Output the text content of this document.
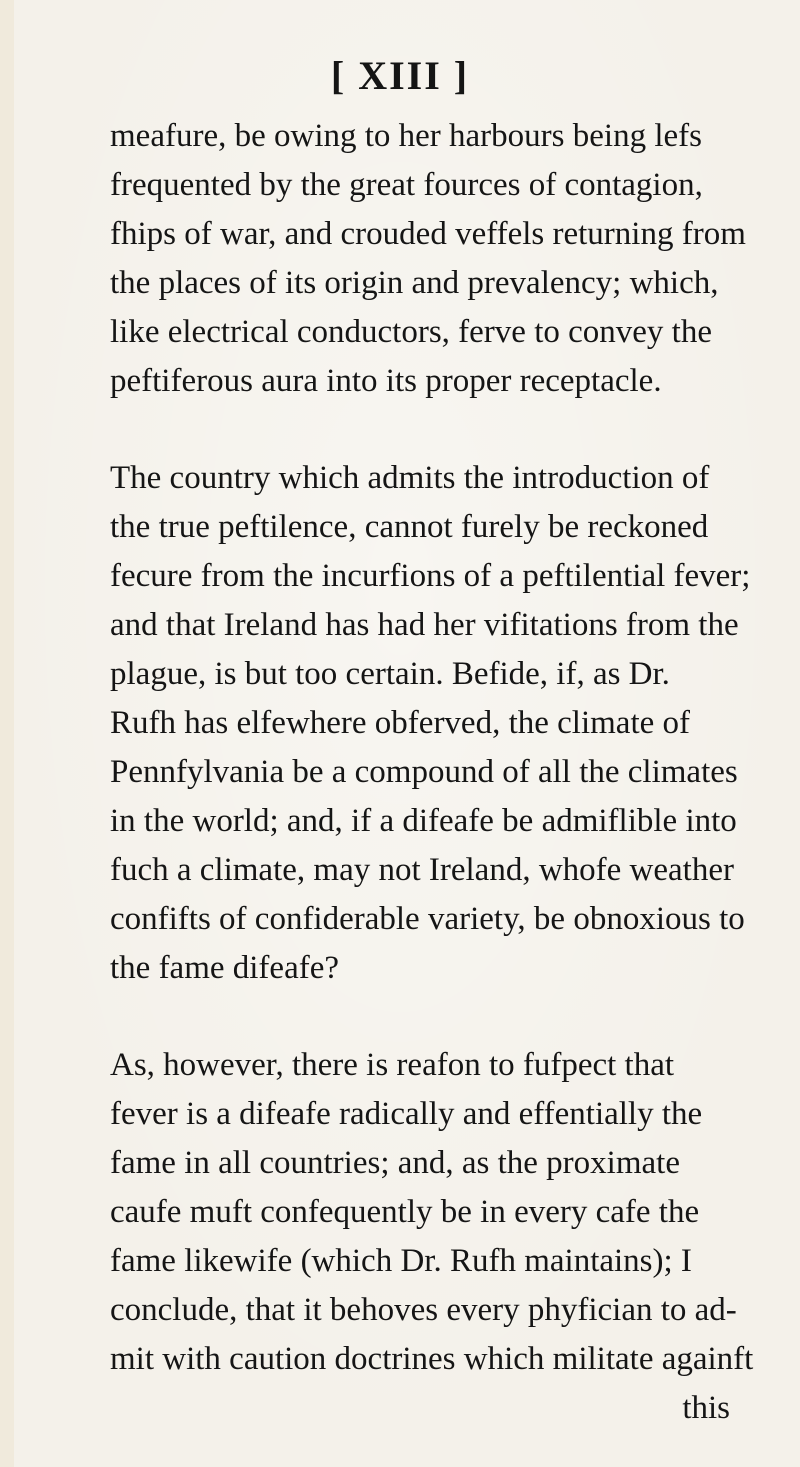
[ XIII ]
meafure, be owing to her harbours being lefs
frequented by the great fources of contagion,
fhips of war, and crouded veffels returning from
the places of its origin and prevalency; which,
like electrical conductors, ferve to convey the
peftiferous aura into its proper receptacle.
The country which admits the introduction of
the true peftilence, cannot furely be reckoned
fecure from the incurfions of a peftilential fever;
and that Ireland has had her vifitations from the
plague, is but too certain. Befide, if, as Dr.
Rufh has elfewhere obferved, the climate of
Pennfylvania be a compound of all the climates
in the world; and, if a difeafe be admiflible into
fuch a climate, may not Ireland, whofe weather
confifts of confiderable variety, be obnoxious to
the fame difeafe?
As, however, there is reafon to fufpect that
fever is a difeafe radically and effentially the
fame in all countries; and, as the proximate
caufe muft confequently be in every cafe the
fame likewife (which Dr. Rufh maintains); I
conclude, that it behoves every phyfician to ad-
mit with caution doctrines which militate againft
this
